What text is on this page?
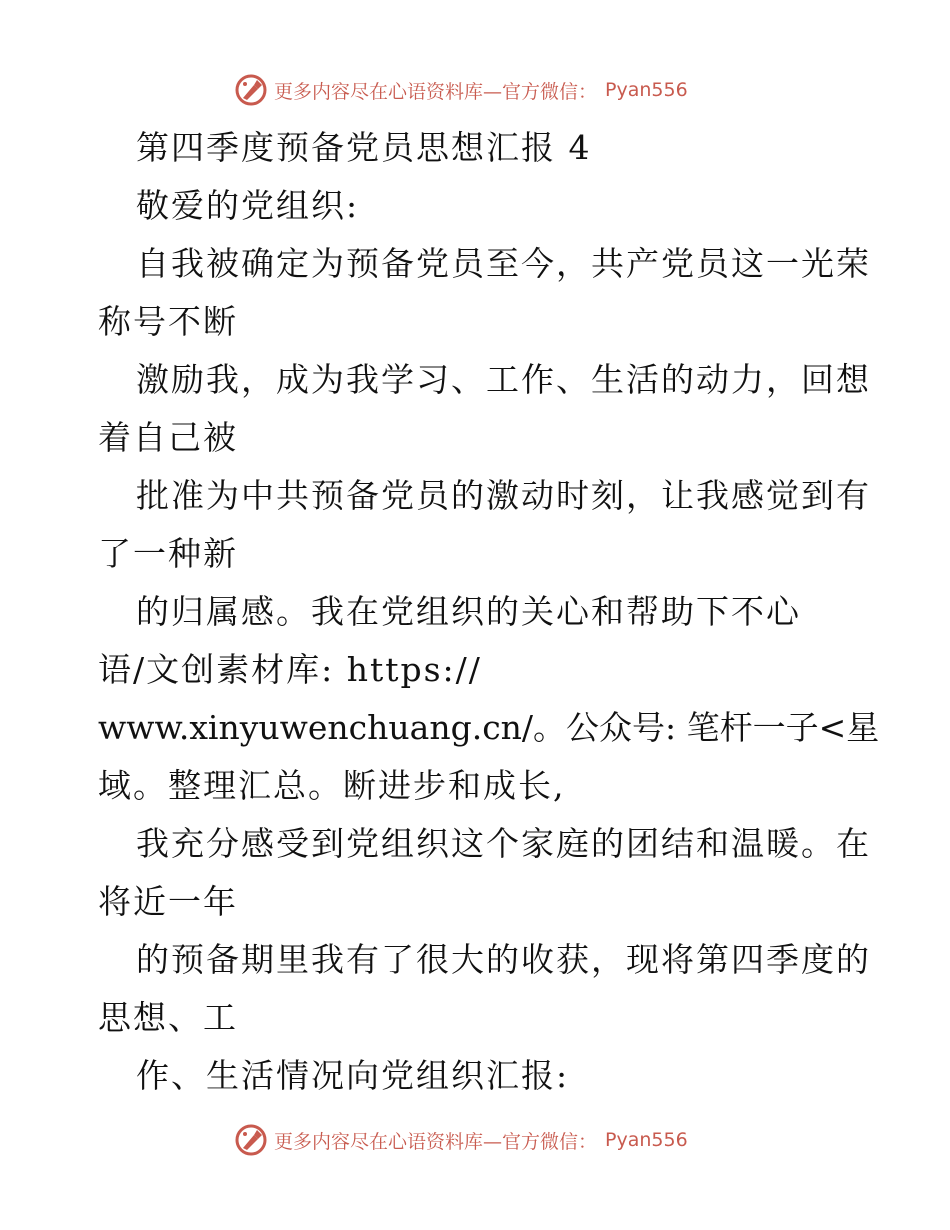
更多内容尽在心语资料库—官方微信： Pyan556
第四季度预备党员思想汇报 4
敬爱的党组织:
自我被确定为预备党员至今，共产党员这一光荣
称号不断
激励我，成为我学习、工作、生活的动力，回想
着自己被
批准为中共预备党员的激动时刻，让我感觉到有
了一种新
的归属感。我在党组织的关心和帮助下不心
语/文创素材库: https://
www.xinyuwenchuang.cn/。公众号: 笔杆一子<星
域。整理汇总。断进步和成长,
我充分感受到党组织这个家庭的团结和温暖。在
将近一年
的预备期里我有了很大的收获，现将第四季度的
思想、工
作、生活情况向党组织汇报:
更多内容尽在心语资料库—官方微信： Pyan556
